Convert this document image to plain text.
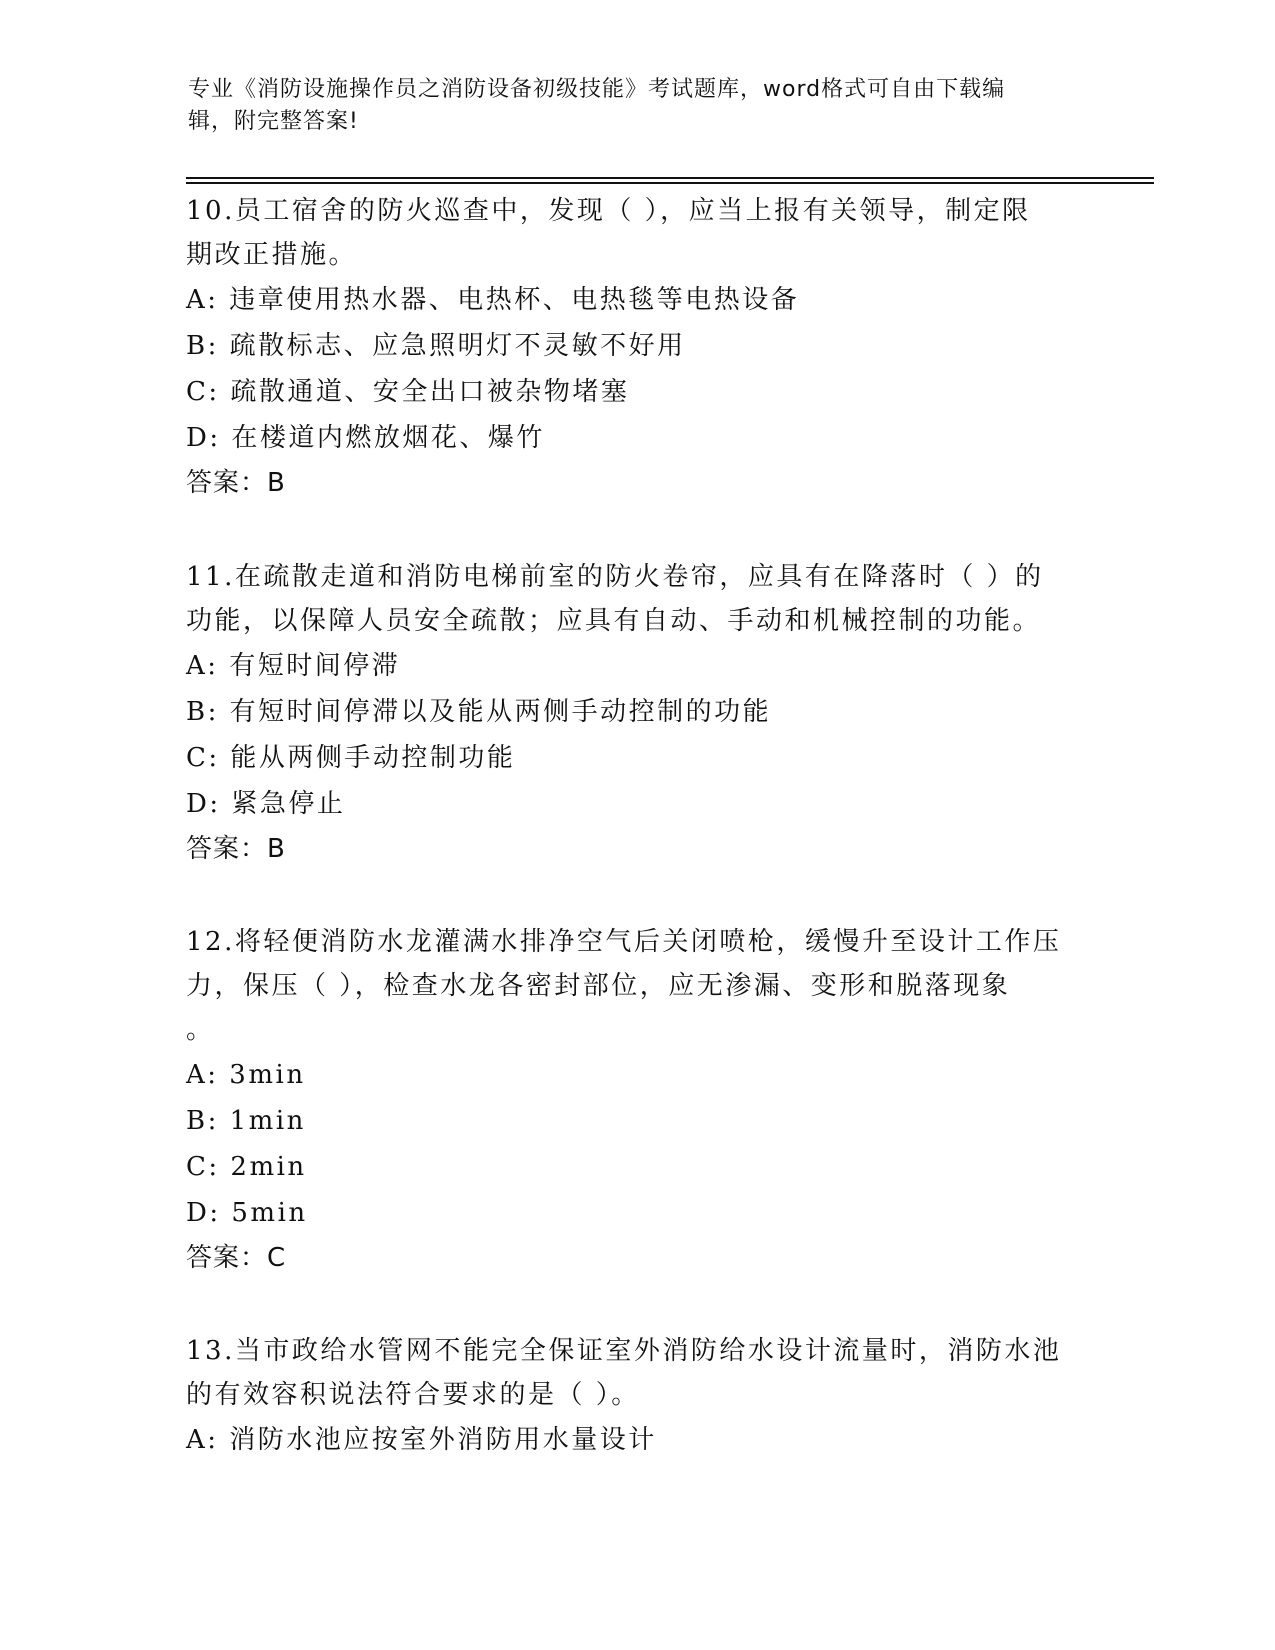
专业《消防设施操作员之消防设备初级技能》考试题库，word格式可自由下载编
辑，附完整答案!
10.员工宿舍的防火巡查中，发现（ ），应当上报有关领导，制定限
期改正措施。
A: 违章使用热水器、电热杯、电热毯等电热设备
B: 疏散标志、应急照明灯不灵敏不好用
C: 疏散通道、安全出口被杂物堵塞
D: 在楼道内燃放烟花、爆竹
答案：B
11.在疏散走道和消防电梯前室的防火卷帘，应具有在降落时（ ）的
功能，以保障人员安全疏散；应具有自动、手动和机械控制的功能。
A: 有短时间停滞
B: 有短时间停滞以及能从两侧手动控制的功能
C: 能从两侧手动控制功能
D: 紧急停止
答案：B
12.将轻便消防水龙灌满水排净空气后关闭喷枪，缓慢升至设计工作压
力，保压（ ），检查水龙各密封部位，应无渗漏、变形和脱落现象
。
A: 3min
B: 1min
C: 2min
D: 5min
答案：C
13.当市政给水管网不能完全保证室外消防给水设计流量时，消防水池
的有效容积说法符合要求的是（ ）。
A: 消防水池应按室外消防用水量设计
